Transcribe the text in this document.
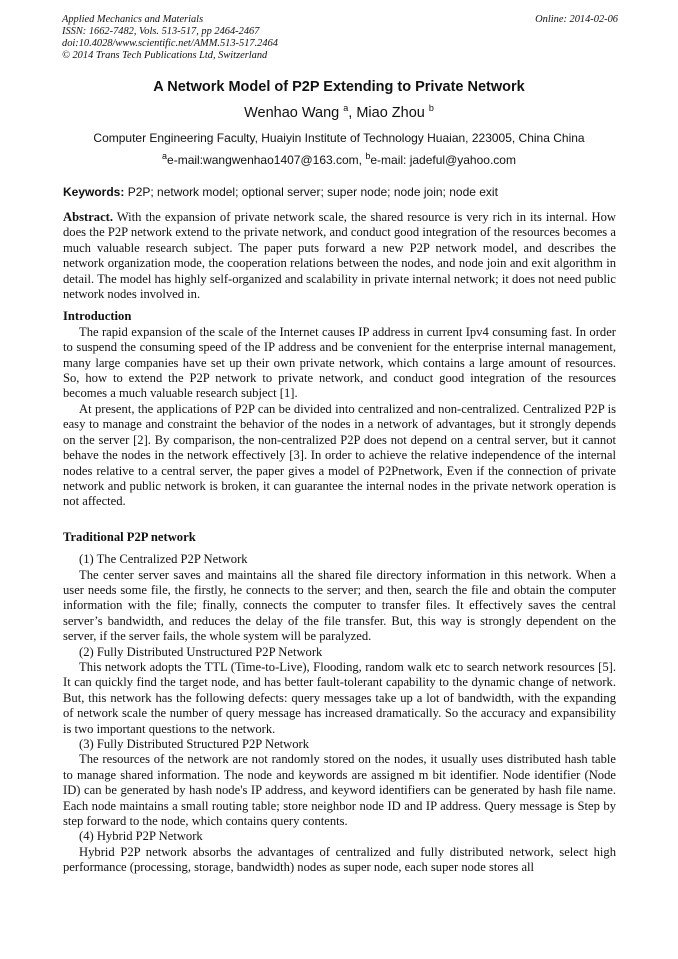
Applied Mechanics and Materials
ISSN: 1662-7482, Vols. 513-517, pp 2464-2467
doi:10.4028/www.scientific.net/AMM.513-517.2464
© 2014 Trans Tech Publications Ltd, Switzerland
Online: 2014-02-06
A Network Model of P2P Extending to Private Network
Wenhao Wang $^a$, Miao Zhou $^b$
Computer Engineering Faculty, Huaiyin Institute of Technology Huaian, 223005, China China
$^a$e-mail:wangwenhao1407@163.com, $^b$e-mail: jadeful@yahoo.com
Keywords: P2P; network model; optional server; super node; node join; node exit

Abstract. With the expansion of private network scale, the shared resource is very rich in its internal. How does the P2P network extend to the private network, and conduct good integration of the resources becomes a much valuable research subject. The paper puts forward a new P2P network model, and describes the network organization mode, the cooperation relations between the nodes, and node join and exit algorithm in detail. The model has highly self-organized and scalability in private internal network; it does not need public network nodes involved in.

Introduction

The rapid expansion of the scale of the Internet causes IP address in current Ipv4 consuming fast. In order to suspend the consuming speed of the IP address and be convenient for the enterprise internal management, many large companies have set up their own private network, which contains a large amount of resources. So, how to extend the P2P network to private network, and conduct good integration of the resources becomes a much valuable research subject [1].

At present, the applications of P2P can be divided into centralized and non-centralized. Centralized P2P is easy to manage and constraint the behavior of the nodes in a network of advantages, but it strongly depends on the server [2]. By comparison, the non-centralized P2P does not depend on a central server, but it cannot behave the nodes in the network effectively [3]. In order to achieve the relative independence of the internal nodes relative to a central server, the paper gives a model of P2Pnetwork, Even if the connection of private network and public network is broken, it can guarantee the internal nodes in the private network operation is not affected.

Traditional P2P network

(1) The Centralized P2P Network

The center server saves and maintains all the shared file directory information in this network. When a user needs some file, the firstly, he connects to the server; and then, search the file and obtain the computer information with the file; finally, connects the computer to transfer files. It effectively saves the central server’s bandwidth, and reduces the delay of the file transfer. But, this way is strongly dependent on the server, if the server fails, the whole system will be paralyzed.

(2) Fully Distributed Unstructured P2P Network

This network adopts the TTL (Time-to-Live), Flooding, random walk etc to search network resources [5]. It can quickly find the target node, and has better fault-tolerant capability to the dynamic change of network. But, this network has the following defects: query messages take up a lot of bandwidth, with the expanding of network scale the number of query message has increased dramatically. So the accuracy and expansibility is two important questions to the network.

(3) Fully Distributed Structured P2P Network

The resources of the network are not randomly stored on the nodes, it usually uses distributed hash table to manage shared information. The node and keywords are assigned m bit identifier. Node identifier (Node ID) can be generated by hash node's IP address, and keyword identifiers can be generated by hash file name. Each node maintains a small routing table; store neighbor node ID and IP address. Query message is Step by step forward to the node, which contains query contents.

(4) Hybrid P2P Network

Hybrid P2P network absorbs the advantages of centralized and fully distributed network, select high performance (processing, storage, bandwidth) nodes as super node, each super node stores all
